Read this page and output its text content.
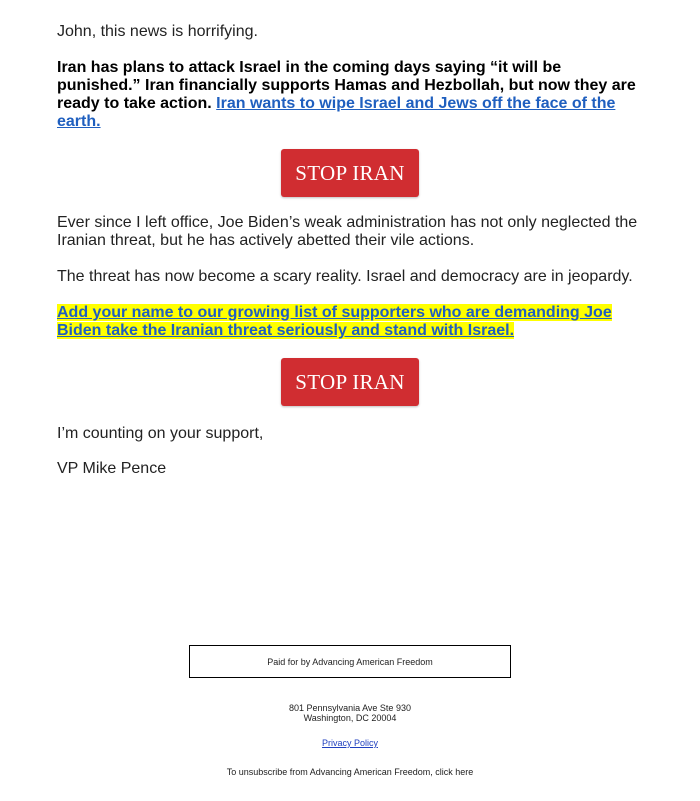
John, this news is horrifying.

Iran has plans to attack Israel in the coming days saying “it will be punished.” Iran financially supports Hamas and Hezbollah, but now they are ready to take action. Iran wants to wipe Israel and Jews off the face of the earth.

STOP IRAN

Ever since I left office, Joe Biden’s weak administration has not only neglected the Iranian threat, but he has actively abetted their vile actions.

The threat has now become a scary reality. Israel and democracy are in jeopardy.

Add your name to our growing list of supporters who are demanding Joe Biden take the Iranian threat seriously and stand with Israel.

STOP IRAN

I’m counting on your support,

VP Mike Pence

Paid for by Advancing American Freedom
801 Pennsylvania Ave Ste 930
Washington, DC 20004
Privacy Policy
To unsubscribe from Advancing American Freedom, click here
